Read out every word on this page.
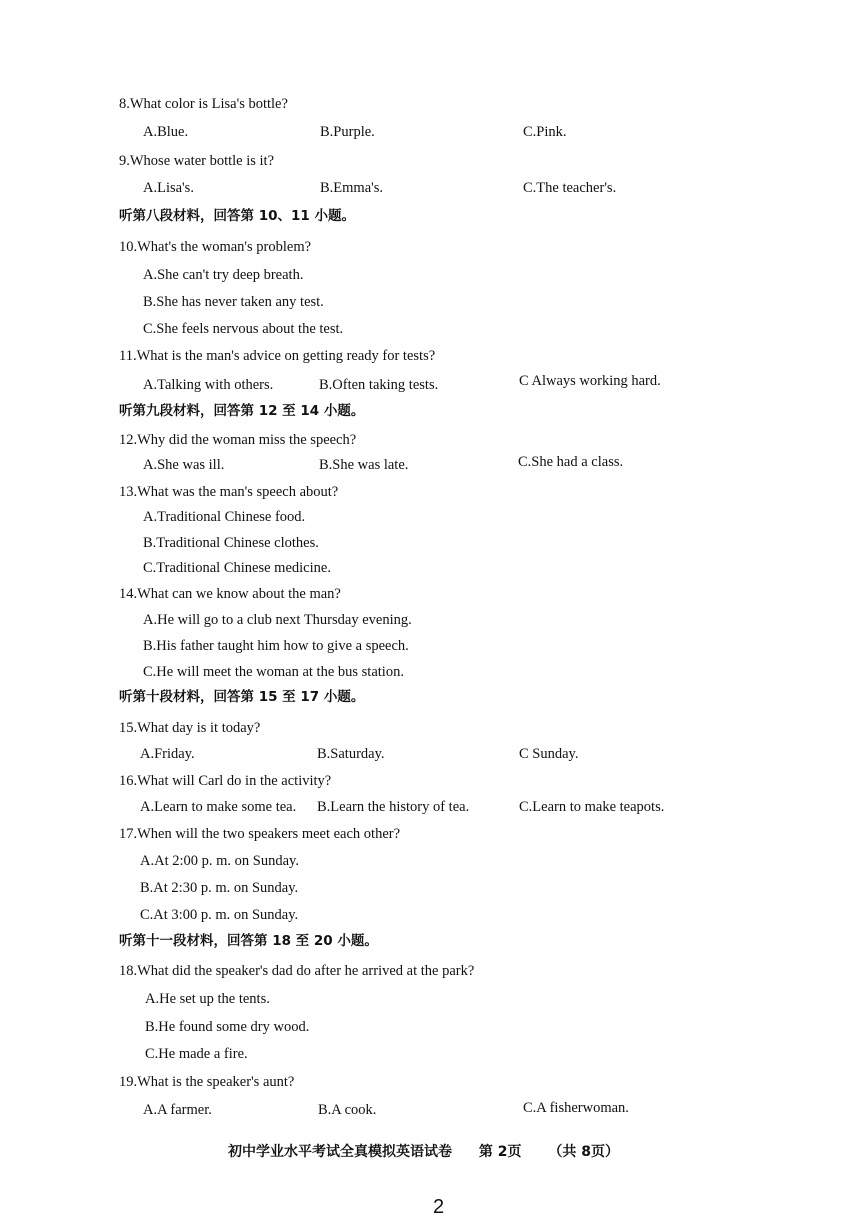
8.What color is Lisa's bottle?
A.Blue.	B.Purple.	C.Pink.
9.Whose water bottle is it?
A.Lisa's.	B.Emma's.	C.The teacher's.
听第八段材料，回答第 10、11 小题。
10.What's the woman's problem?
A.She can't try deep breath.
B.She has never taken any test.
C.She feels nervous about the test.
11.What is the man's advice on getting ready for tests?
A.Talking with others.	B.Often taking tests.	C Always working hard.
听第九段材料，回答第 12 至 14 小题。
12.Why did the woman miss the speech?
A.She was ill.	B.She was late.	C.She had a class.
13.What was the man's speech about?
A.Traditional Chinese food.
B.Traditional Chinese clothes.
C.Traditional Chinese medicine.
14.What can we know about the man?
A.He will go to a club next Thursday evening.
B.His father taught him how to give a speech.
C.He will meet the woman at the bus station.
听第十段材料，回答第 15 至 17 小题。
15.What day is it today?
A.Friday.	B.Saturday.	C Sunday.
16.What will Carl do in the activity?
A.Learn to make some tea. B.Learn the history of tea.	C.Learn to make teapots.
17.When will the two speakers meet each other?
A.At 2:00 p. m. on Sunday.
B.At 2:30 p. m. on Sunday.
C.At 3:00 p. m. on Sunday.
听第十一段材料，回答第 18 至 20 小题。
18.What did the speaker's dad do after he arrived at the park?
A.He set up the tents.
B.He found some dry wood.
C.He made a fire.
19.What is the speaker's aunt?
A.A farmer.	B.A cook.	C.A fisherwoman.
初中学业水平考试全真模拟英语试卷 第 2页 （共 8页）
2
